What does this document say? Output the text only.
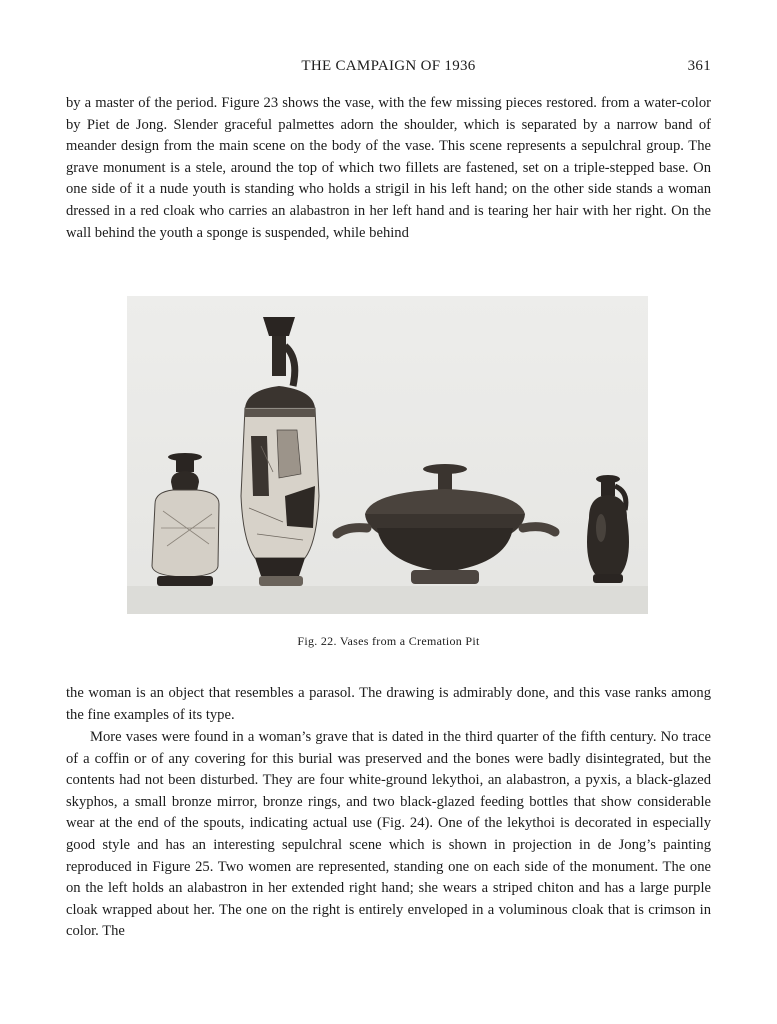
THE CAMPAIGN OF 1936	361

by a master of the period. Figure 23 shows the vase, with the few missing pieces restored. from a water-color by Piet de Jong. Slender graceful palmettes adorn the shoulder, which is separated by a narrow band of meander design from the main scene on the body of the vase. This scene represents a sepulchral group. The grave monument is a stele, around the top of which two fillets are fastened, set on a triple-stepped base. On one side of it a nude youth is standing who holds a strigil in his left hand; on the other side stands a woman dressed in a red cloak who carries an alabastron in her left hand and is tearing her hair with her right. On the wall behind the youth a sponge is suspended, while behind

Fig. 22. Vases from a Cremation Pit

the woman is an object that resembles a parasol. The drawing is admirably done, and this vase ranks among the fine examples of its type.

More vases were found in a woman’s grave that is dated in the third quarter of the fifth century. No trace of a coffin or of any covering for this burial was preserved and the bones were badly disintegrated, but the contents had not been disturbed. They are four white-ground lekythoi, an alabastron, a pyxis, a black-glazed skyphos, a small bronze mirror, bronze rings, and two black-glazed feeding bottles that show considerable wear at the end of the spouts, indicating actual use (Fig. 24). One of the lekythoi is decorated in especially good style and has an interesting sepulchral scene which is shown in projection in de Jong’s painting reproduced in Figure 25. Two women are represented, standing one on each side of the monument. The one on the left holds an alabastron in her extended right hand; she wears a striped chiton and has a large purple cloak wrapped about her. The one on the right is entirely enveloped in a voluminous cloak that is crimson in color. The
